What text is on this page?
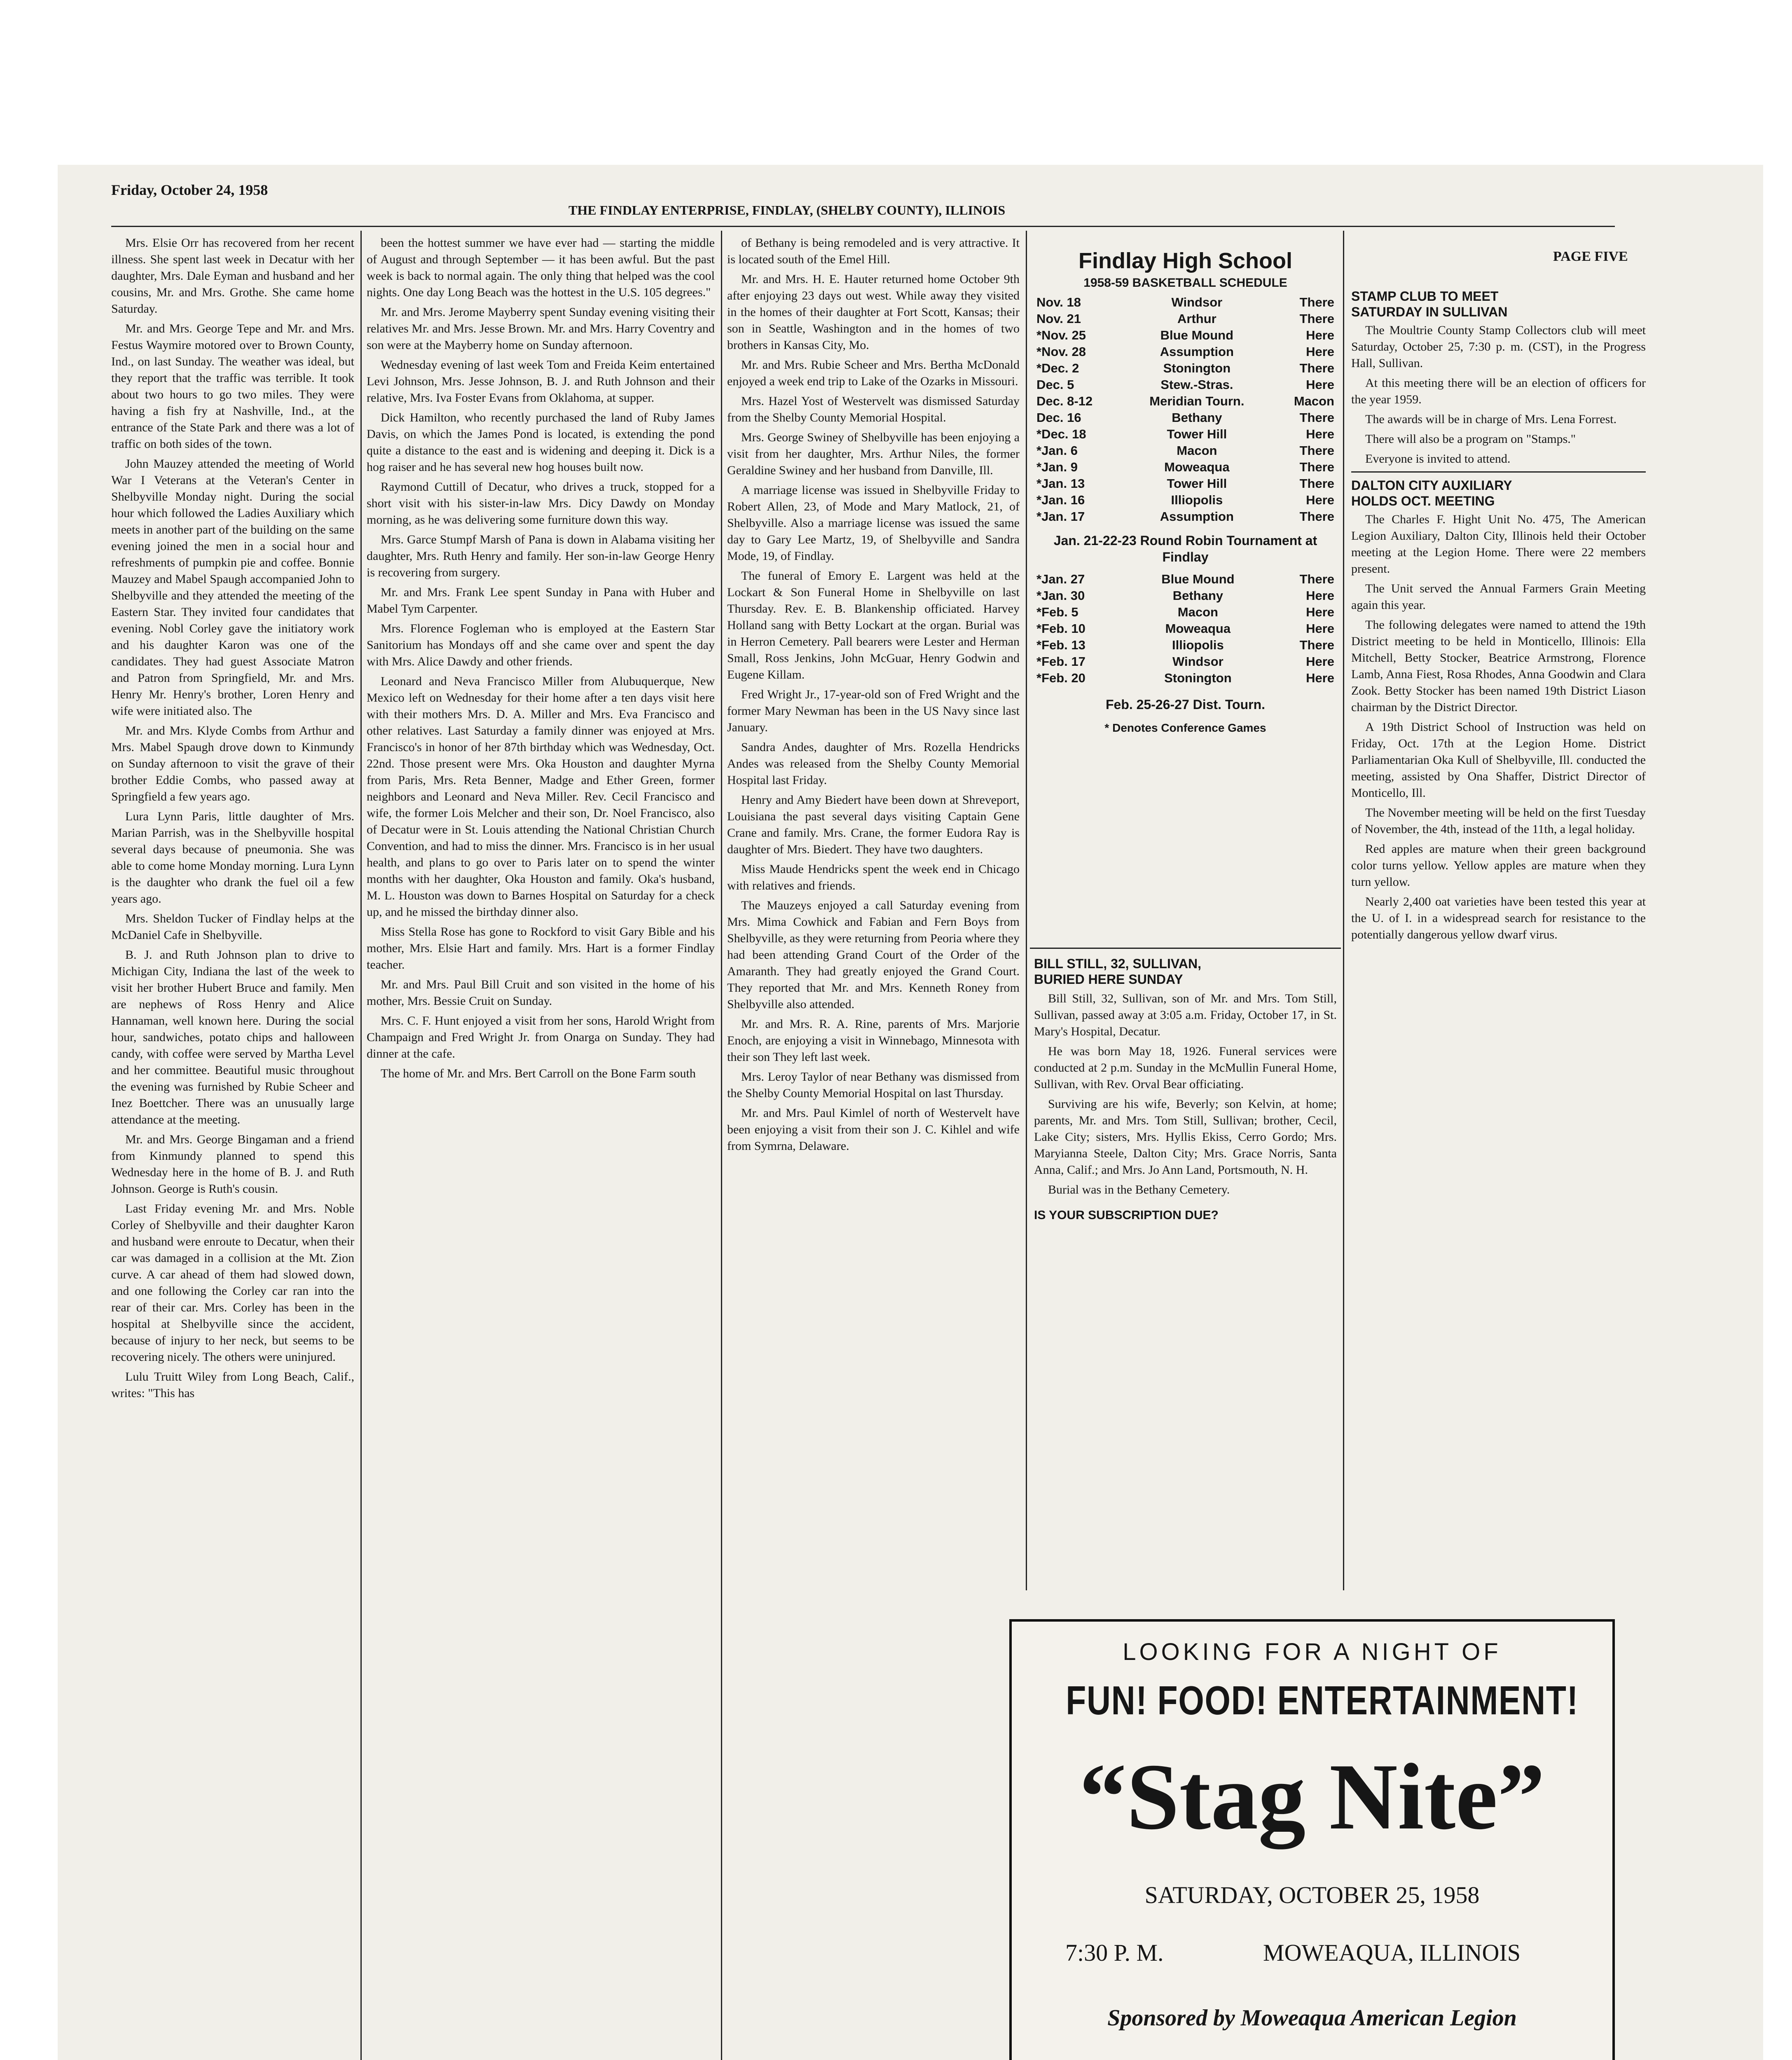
Friday, October 24, 1958
THE FINDLAY ENTERPRISE, FINDLAY, (SHELBY COUNTY), ILLINOIS
PAGE FIVE

Mrs. Elsie Orr has recovered from her recent illness. She spent last week in Decatur with her daughter, Mrs. Dale Eyman and husband and her cousins, Mr. and Mrs. Grothe. She came home Saturday.

Mr. and Mrs. George Tepe and Mr. and Mrs. Festus Waymire motored over to Brown County, Ind., on last Sunday. The weather was ideal, but they report that the traffic was terrible. It took about two hours to go two miles. They were having a fish fry at Nashville, Ind., at the entrance of the State Park and there was a lot of traffic on both sides of the town.

John Mauzey attended the meeting of World War I Veterans at the Veteran's Center in Shelbyville Monday night. During the social hour which followed the Ladies Auxiliary which meets in another part of the building on the same evening joined the men in a social hour and refreshments of pumpkin pie and coffee. Bonnie Mauzey and Mabel Spaugh accompanied John to Shelbyville and they attended the meeting of the Eastern Star. They invited four candidates that evening. Nobl Corley gave the initiatory work and his daughter Karon was one of the candidates. They had guest Associate Matron and Patron from Springfield, Mr. and Mrs. Henry Mr. Henry's brother, Loren Henry and wife were initiated also. The

Mr. and Mrs. Klyde Combs from Arthur and Mrs. Mabel Spaugh drove down to Kinmundy on Sunday afternoon to visit the grave of their brother Eddie Combs, who passed away at Springfield a few years ago.

Lura Lynn Paris, little daughter of Mrs. Marian Parrish, was in the Shelbyville hospital several days because of pneumonia. She was able to come home Monday morning. Lura Lynn is the daughter who drank the fuel oil a few years ago.

Mrs. Sheldon Tucker of Findlay helps at the McDaniel Cafe in Shelbyville.

B. J. and Ruth Johnson plan to drive to Michigan City, Indiana the last of the week to visit her brother Hubert Bruce and family. Men are nephews of Ross Henry and Alice Hannaman, well known here. During the social hour, sandwiches, potato chips and halloween candy, with coffee were served by Martha Level and her committee. Beautiful music throughout the evening was furnished by Rubie Scheer and Inez Boettcher. There was an unusually large attendance at the meeting.

Mr. and Mrs. George Bingaman and a friend from Kinmundy planned to spend this Wednesday here in the home of B. J. and Ruth Johnson. George is Ruth's cousin.

Last Friday evening Mr. and Mrs. Noble Corley of Shelbyville and their daughter Karon and husband were enroute to Decatur, when their car was damaged in a collision at the Mt. Zion curve. A car ahead of them had slowed down, and one following the Corley car ran into the rear of their car. Mrs. Corley has been in the hospital at Shelbyville since the accident, because of injury to her neck, but seems to be recovering nicely. The others were uninjured.

Lulu Truitt Wiley from Long Beach, Calif., writes: "This has

been the hottest summer we have ever had — starting the middle of August and through September — it has been awful. But the past week is back to normal again. The only thing that helped was the cool nights. One day Long Beach was the hottest in the U.S. 105 degrees."

Mr. and Mrs. Jerome Mayberry spent Sunday evening visiting their relatives Mr. and Mrs. Jesse Brown. Mr. and Mrs. Harry Coventry and son were at the Mayberry home on Sunday afternoon.

Wednesday evening of last week Tom and Freida Keim entertained Levi Johnson, Mrs. Jesse Johnson, B. J. and Ruth Johnson and their relative, Mrs. Iva Foster Evans from Oklahoma, at supper.

Dick Hamilton, who recently purchased the land of Ruby James Davis, on which the James Pond is located, is extending the pond quite a distance to the east and is widening and deeping it. Dick is a hog raiser and he has several new hog houses built now.

Raymond Cuttill of Decatur, who drives a truck, stopped for a short visit with his sister-in-law Mrs. Dicy Dawdy on Monday morning, as he was delivering some furniture down this way.

Mrs. Garce Stumpf Marsh of Pana is down in Alabama visiting her daughter, Mrs. Ruth Henry and family. Her son-in-law George Henry is recovering from surgery.

Mr. and Mrs. Frank Lee spent Sunday in Pana with Huber and Mabel Tym Carpenter.

Mrs. Florence Fogleman who is employed at the Eastern Star Sanitorium has Mondays off and she came over and spent the day with Mrs. Alice Dawdy and other friends.

Leonard and Neva Francisco Miller from Alubuquerque, New Mexico left on Wednesday for their home after a ten days visit here with their mothers Mrs. D. A. Miller and Mrs. Eva Francisco and other relatives. Last Saturday a family dinner was enjoyed at Mrs. Francisco's in honor of her 87th birthday which was Wednesday, Oct. 22nd. Those present were Mrs. Oka Houston and daughter Myrna from Paris, Mrs. Reta Benner, Madge and Ether Green, former neighbors and Leonard and Neva Miller. Rev. Cecil Francisco and wife, the former Lois Melcher and their son, Dr. Noel Francisco, also of Decatur were in St. Louis attending the National Christian Church Convention, and had to miss the dinner. Mrs. Francisco is in her usual health, and plans to go over to Paris later on to spend the winter months with her daughter, Oka Houston and family. Oka's husband, M. L. Houston was down to Barnes Hospital on Saturday for a check up, and he missed the birthday dinner also.

Miss Stella Rose has gone to Rockford to visit Gary Bible and his mother, Mrs. Elsie Hart and family. Mrs. Hart is a former Findlay teacher.

Mr. and Mrs. Paul Bill Cruit and son visited in the home of his mother, Mrs. Bessie Cruit on Sunday.

Mrs. C. F. Hunt enjoyed a visit from her sons, Harold Wright from Champaign and Fred Wright Jr. from Onarga on Sunday. They had dinner at the cafe.

The home of Mr. and Mrs. Bert Carroll on the Bone Farm south

of Bethany is being remodeled and is very attractive. It is located south of the Emel Hill.

Mr. and Mrs. H. E. Hauter returned home October 9th after enjoying 23 days out west. While away they visited in the homes of their daughter at Fort Scott, Kansas; their son in Seattle, Washington and in the homes of two brothers in Kansas City, Mo.

Mr. and Mrs. Rubie Scheer and Mrs. Bertha McDonald enjoyed a week end trip to Lake of the Ozarks in Missouri.

Mrs. Hazel Yost of Westervelt was dismissed Saturday from the Shelby County Memorial Hospital.

Mrs. George Swiney of Shelbyville has been enjoying a visit from her daughter, Mrs. Arthur Niles, the former Geraldine Swiney and her husband from Danville, Ill.

A marriage license was issued in Shelbyville Friday to Robert Allen, 23, of Mode and Mary Matlock, 21, of Shelbyville. Also a marriage license was issued the same day to Gary Lee Martz, 19, of Shelbyville and Sandra Mode, 19, of Findlay.

The funeral of Emory E. Largent was held at the Lockart & Son Funeral Home in Shelbyville on last Thursday. Rev. E. B. Blankenship officiated. Harvey Holland sang with Betty Lockart at the organ. Burial was in Herron Cemetery. Pall bearers were Lester and Herman Small, Ross Jenkins, John McGuar, Henry Godwin and Eugene Killam.

Fred Wright Jr., 17-year-old son of Fred Wright and the former Mary Newman has been in the US Navy since last January.

Sandra Andes, daughter of Mrs. Rozella Hendricks Andes was released from the Shelby County Memorial Hospital last Friday.

Henry and Amy Biedert have been down at Shreveport, Louisiana the past several days visiting Captain Gene Crane and family. Mrs. Crane, the former Eudora Ray is daughter of Mrs. Biedert. They have two daughters.

Miss Maude Hendricks spent the week end in Chicago with relatives and friends.

The Mauzeys enjoyed a call Saturday evening from Mrs. Mima Cowhick and Fabian and Fern Boys from Shelbyville, as they were returning from Peoria where they had been attending Grand Court of the Order of the Amaranth. They had greatly enjoyed the Grand Court. They reported that Mr. and Mrs. Kenneth Roney from Shelbyville also attended.

Mr. and Mrs. R. A. Rine, parents of Mrs. Marjorie Enoch, are enjoying a visit in Winnebago, Minnesota with their son They left last week.

Mrs. Leroy Taylor of near Bethany was dismissed from the Shelby County Memorial Hospital on last Thursday.

Mr. and Mrs. Paul Kimlel of north of Westervelt have been enjoying a visit from their son J. C. Kihlel and wife from Symrna, Delaware.

Findlay High School
1958-59 BASKETBALL SCHEDULE
Nov. 18	Windsor	There
Nov. 21	Arthur	There
*Nov. 25	Blue Mound	Here
*Nov. 28	Assumption	Here
*Dec. 2	Stonington	There
Dec. 5	Stew.-Stras.	Here
Dec. 8-12	Meridian Tourn.	Macon
Dec. 16	Bethany	There
*Dec. 18	Tower Hill	Here
*Jan. 6	Macon	There
*Jan. 9	Moweaqua	There
*Jan. 13	Tower Hill	There
*Jan. 16	Illiopolis	Here
*Jan. 17	Assumption	There
Jan. 21-22-23 Round Robin Tournament at Findlay
*Jan. 27	Blue Mound	There
*Jan. 30	Bethany	Here
*Feb. 5	Macon	Here
*Feb. 10	Moweaqua	Here
*Feb. 13	Illiopolis	There
*Feb. 17	Windsor	Here
*Feb. 20	Stonington	Here
Feb. 25-26-27 Dist. Tourn.
* Denotes Conference Games
BILL STILL, 32, SULLIVAN,
BURIED HERE SUNDAY

Bill Still, 32, Sullivan, son of Mr. and Mrs. Tom Still, Sullivan, passed away at 3:05 a.m. Friday, October 17, in St. Mary's Hospital, Decatur.

He was born May 18, 1926. Funeral services were conducted at 2 p.m. Sunday in the McMullin Funeral Home, Sullivan, with Rev. Orval Bear officiating.

Surviving are his wife, Beverly; son Kelvin, at home; parents, Mr. and Mrs. Tom Still, Sullivan; brother, Cecil, Lake City; sisters, Mrs. Hyllis Ekiss, Cerro Gordo; Mrs. Maryianna Steele, Dalton City; Mrs. Grace Norris, Santa Anna, Calif.; and Mrs. Jo Ann Land, Portsmouth, N. H.

Burial was in the Bethany Cemetery.

IS YOUR SUBSCRIPTION DUE?

STAMP CLUB TO MEET
SATURDAY IN SULLIVAN

The Moultrie County Stamp Collectors club will meet Saturday, October 25, 7:30 p. m. (CST), in the Progress Hall, Sullivan.

At this meeting there will be an election of officers for the year 1959.

The awards will be in charge of Mrs. Lena Forrest.

There will also be a program on "Stamps."

Everyone is invited to attend.

DALTON CITY AUXILIARY
HOLDS OCT. MEETING

The Charles F. Hight Unit No. 475, The American Legion Auxiliary, Dalton City, Illinois held their October meeting at the Legion Home. There were 22 members present.

The Unit served the Annual Farmers Grain Meeting again this year.

The following delegates were named to attend the 19th District meeting to be held in Monticello, Illinois: Ella Mitchell, Betty Stocker, Beatrice Armstrong, Florence Lamb, Anna Fiest, Rosa Rhodes, Anna Goodwin and Clara Zook. Betty Stocker has been named 19th District Liason chairman by the District Director.

A 19th District School of Instruction was held on Friday, Oct. 17th at the Legion Home. District Parliamentarian Oka Kull of Shelbyville, Ill. conducted the meeting, assisted by Ona Shaffer, District Director of Monticello, Ill.

The November meeting will be held on the first Tuesday of November, the 4th, instead of the 11th, a legal holiday.

Red apples are mature when their green background color turns yellow. Yellow apples are mature when they turn yellow.

Nearly 2,400 oat varieties have been tested this year at the U. of I. in a widespread search for resistance to the potentially dangerous yellow dwarf virus.

LOOKING FOR A NIGHT OF
FUN! FOOD! ENTERTAINMENT!
“Stag Nite”
SATURDAY, OCTOBER 25, 1958
7:30 P. M.	MOWEAQUA, ILLINOIS
Sponsored by Moweaqua American Legion
